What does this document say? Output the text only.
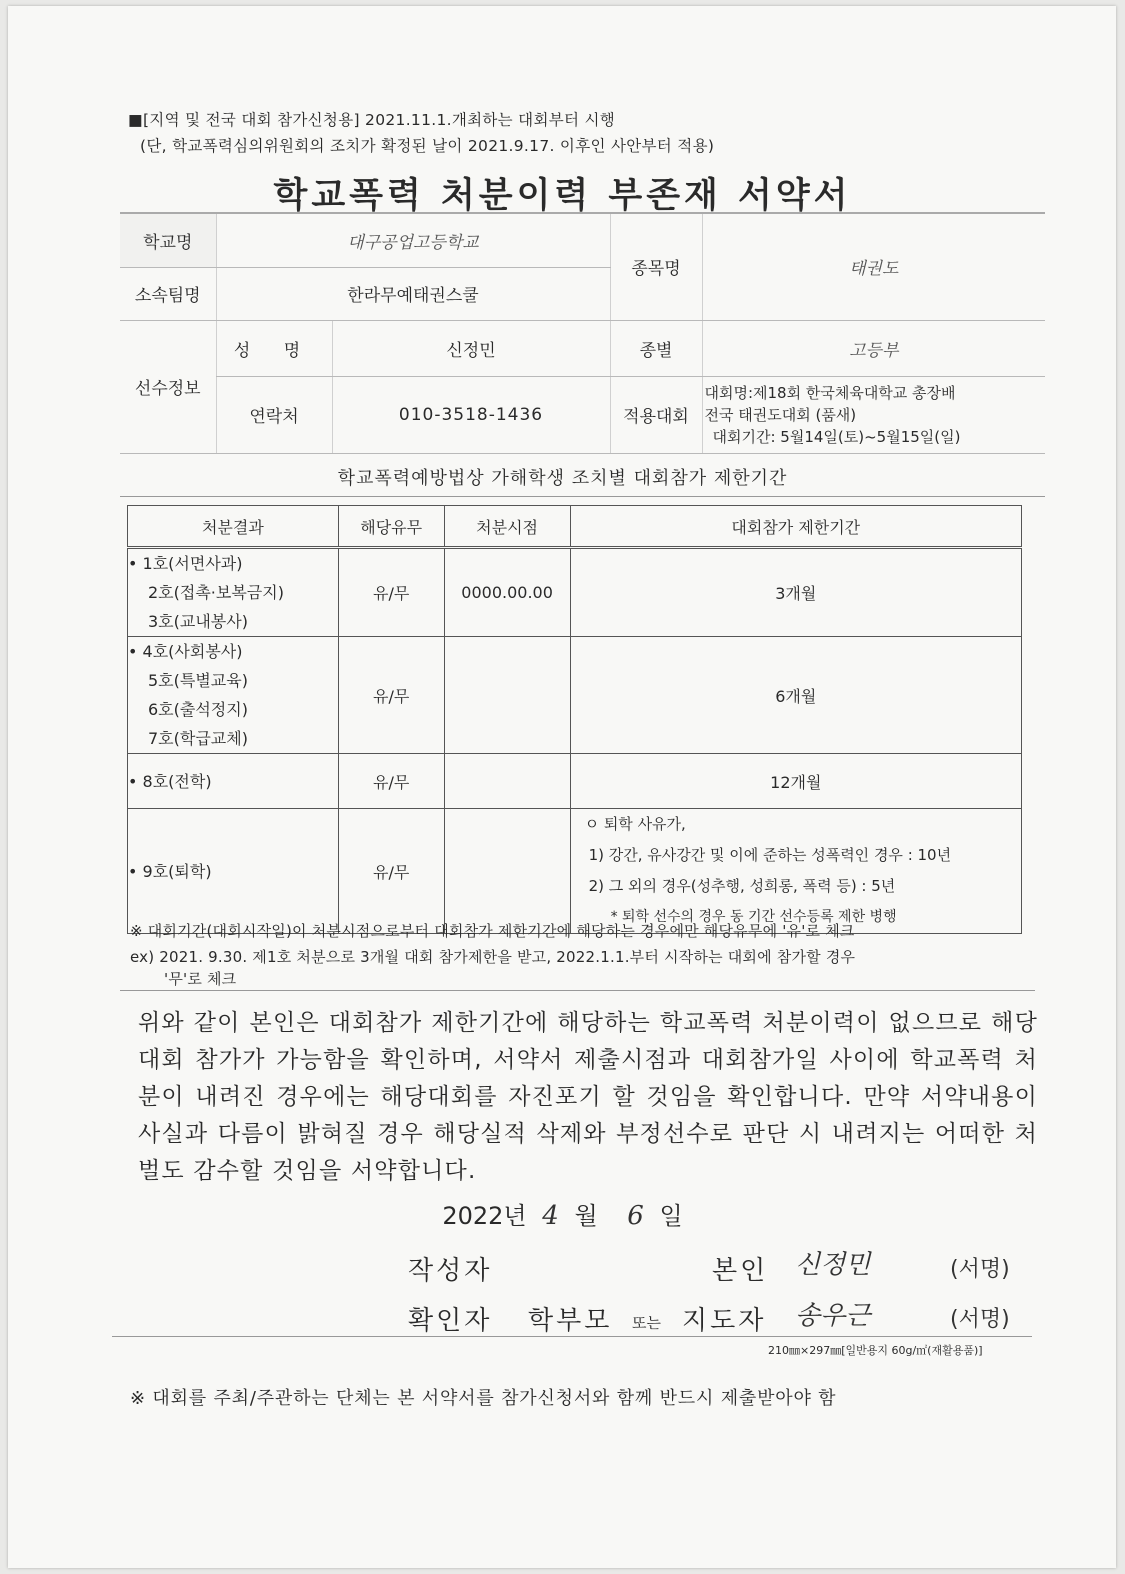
■[지역 및 전국 대회 참가신청용] 2021.11.1.개최하는 대회부터 시행
(단, 학교폭력심의위원회의 조치가 확정된 날이 2021.9.17. 이후인 사안부터 적용)
학교폭력 처분이력 부존재 서약서
학교명	대구공업고등학교		종목명	태권도
소속팀명	한라무예태권스쿨			
선수정보	성 명	신정민	종별	고등부
	연락처	010-3518-1436	적용대회	대회명:제18회 한국체육대학교 총장배
전국 태권도대회 (품새)
대회기간: 5월14일(토)~5월15일(일)
학교폭력예방법상 가해학생 조치별 대회참가 제한기간
처분결과	해당유무	처분시점	대회참가 제한기간

• 1호(서면사과)
2호(접촉·보복금지)
3호(교내봉사)	유/무	0000.00.00	3개월

• 4호(사회봉사)
5호(특별교육)
6호(출석정지)
7호(학급교체)	유/무		6개월

• 8호(전학)	유/무		12개월

• 9호(퇴학)	유/무		ㅇ 퇴학 사유가,
1) 강간, 유사강간 및 이에 준하는 성폭력인 경우 : 10년
2) 그 외의 경우(성추행, 성희롱, 폭력 등) : 5년
* 퇴학 선수의 경우 동 기간 선수등록 제한 병행
※ 대회기간(대회시작일)이 처분시점으로부터 대회참가 제한기간에 해당하는 경우에만 해당유무에 '유'로 체크
ex) 2021. 9.30. 제1호 처분으로 3개월 대회 참가제한을 받고, 2022.1.1.부터 시작하는 대회에 참가할 경우
'무'로 체크
위와 같이 본인은 대회참가 제한기간에 해당하는 학교폭력 처분이력이 없으므로 해당 대회 참가가 가능함을 확인하며, 서약서 제출시점과 대회참가일 사이에 학교폭력 처분이 내려진 경우에는 해당대회를 자진포기 할 것임을 확인합니다. 만약 서약내용이 사실과 다름이 밝혀질 경우 해당실적 삭제와 부정선수로 판단 시 내려지는 어떠한 처벌도 감수할 것임을 서약합니다.
2022년 4 월 6 일
작성자	본인 신정민	(서명)
확인자 학부모 또는 지도자 송우근	(서명)
210㎜×297㎜[일반용지 60g/㎡(재활용품)]
※ 대회를 주최/주관하는 단체는 본 서약서를 참가신청서와 함께 반드시 제출받아야 함
